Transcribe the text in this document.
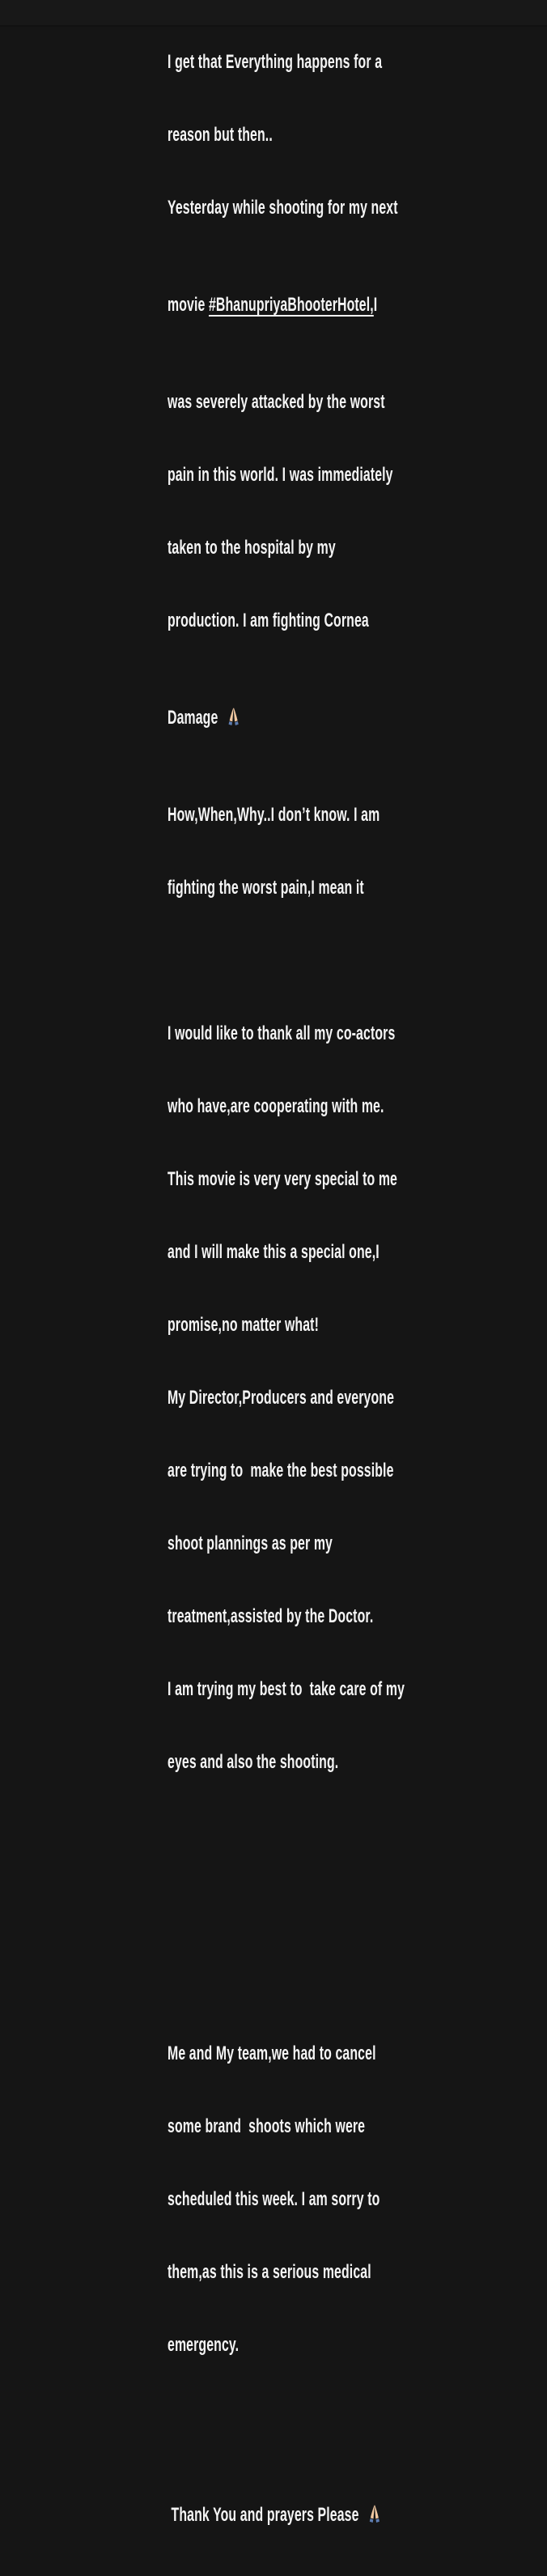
I get that Everything happens for a

reason but then..

Yesterday while shooting for my next

movie #BhanupriyaBhooterHotel,I

was severely attacked by the worst

pain in this world. I was immediately

taken to the hospital by my

production. I am fighting Cornea

Damage

How,When,Why..I don’t know. I am

fighting the worst pain,I mean it

I would like to thank all my co-actors

who have,are cooperating with me.

This movie is very very special to me

and I will make this a special one,I

promise,no matter what!

My Director,Producers and everyone

are trying to  make the best possible

shoot plannings as per my

treatment,assisted by the Doctor.

I am trying my best to  take care of my

eyes and also the shooting.

Me and My team,we had to cancel

some brand  shoots which were

scheduled this week. I am sorry to

them,as this is a serious medical

emergency.

Thank You and prayers Please
